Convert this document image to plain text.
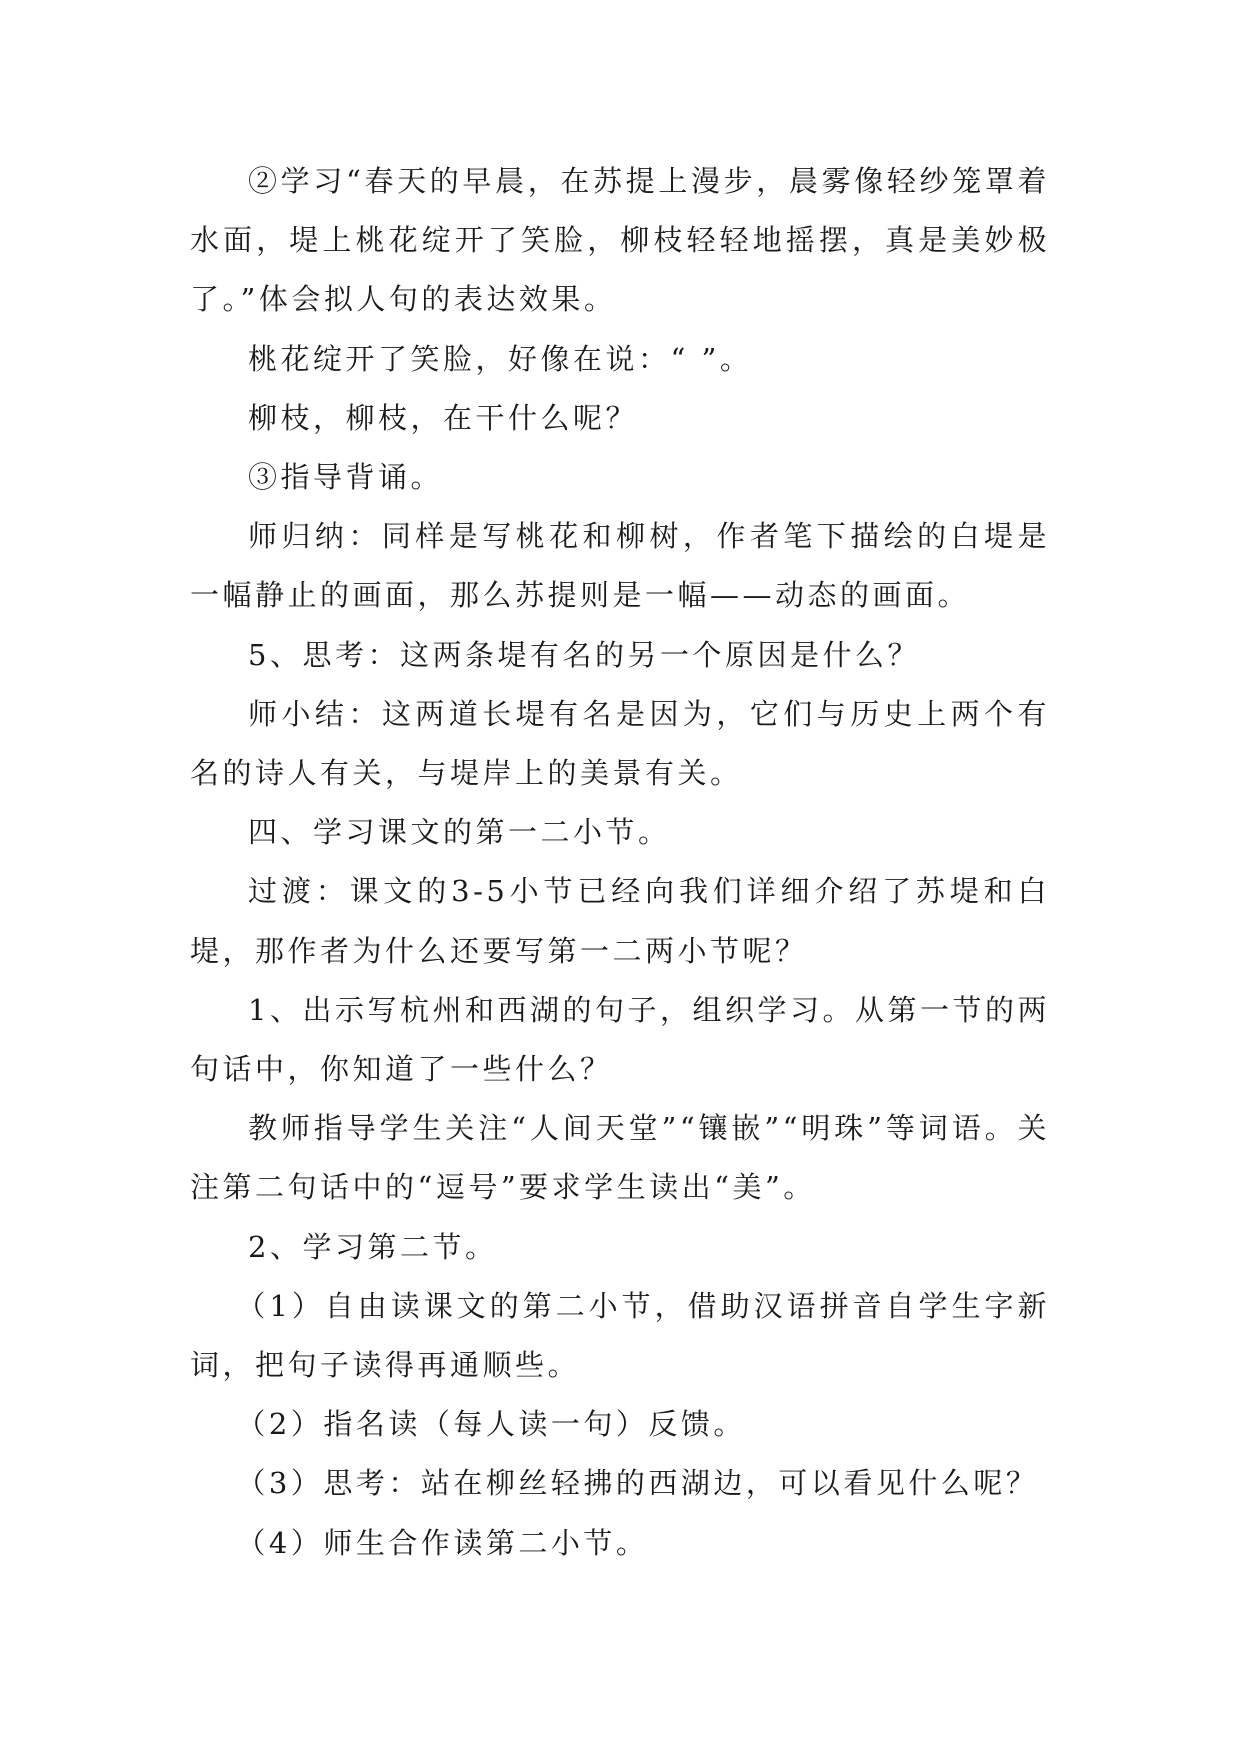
②学习“春天的早晨，在苏提上漫步，晨雾像轻纱笼罩着水面，堤上桃花绽开了笑脸，柳枝轻轻地摇摆，真是美妙极了。”体会拟人句的表达效果。

桃花绽开了笑脸，好像在说：“ ”。

柳枝，柳枝，在干什么呢？

③指导背诵。

师归纳：同样是写桃花和柳树，作者笔下描绘的白堤是一幅静止的画面，那么苏提则是一幅——动态的画面。

5、思考：这两条堤有名的另一个原因是什么？

师小结：这两道长堤有名是因为，它们与历史上两个有名的诗人有关，与堤岸上的美景有关。

四、学习课文的第一二小节。

过渡：课文的3-5小节已经向我们详细介绍了苏堤和白堤，那作者为什么还要写第一二两小节呢？

1、出示写杭州和西湖的句子，组织学习。从第一节的两句话中，你知道了一些什么？

教师指导学生关注“人间天堂”“镶嵌”“明珠”等词语。关注第二句话中的“逗号”要求学生读出“美”。

2、学习第二节。

（1）自由读课文的第二小节，借助汉语拼音自学生字新词，把句子读得再通顺些。

（2）指名读（每人读一句）反馈。

（3）思考：站在柳丝轻拂的西湖边，可以看见什么呢？

（4）师生合作读第二小节。
